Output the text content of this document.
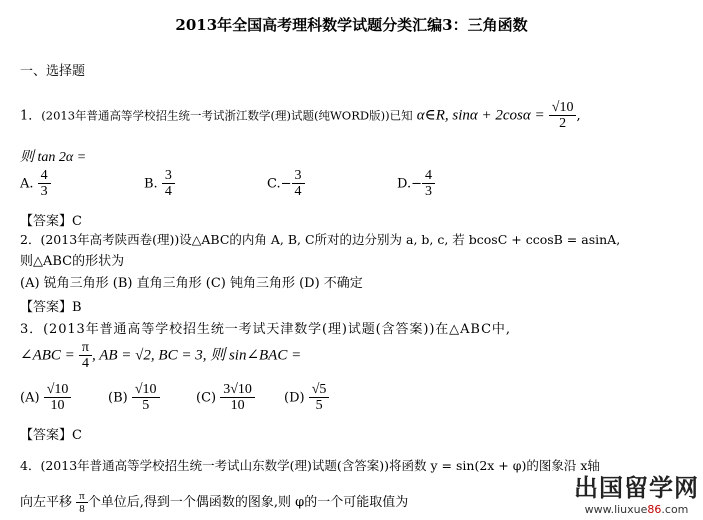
2013年全国高考理科数学试题分类汇编3：三角函数
一、选择题
1．(2013年普通高等学校招生统一考试浙江数学(理)试题(纯WORD版))已知 α∈R, $\sin\alpha + 2\cos\alpha = \frac{√10}{2}$ ,
则 tan 2α =
A. $\frac{4}{3}$	B. $\frac{3}{4}$	$C.- \frac{3}{4}$	$D.- \frac{4}{3}$
【答案】C
2．(2013年高考陕西卷(理))设△ABC的内角 A, B, C所对的边分别为 a, b, c, 若 bcosC + ccosB = asinA,
则△ABC的形状为
(A) 锐角三角形 (B) 直角三角形 (C) 钝角三角形 (D) 不确定
【答案】B
3．(2013年普通高等学校招生统一考试天津数学(理)试题(含答案))在△ABC中,
∠ABC = $\frac{\pi}{4}$ , AB = √2, BC = 3, 则 sin∠BAC =
$(A) \frac{√10}{10}$	$(B) \frac{√10}{5}$	$(C) \frac{3√10}{10} (D) \frac{√5}{5}$
【答案】C
4．(2013年普通高等学校招生统一考试山东数学(理)试题(含答案))将函数 y = sin(2x + φ)的图象沿 x轴
向左平移 $\frac{\pi}{8}$ 个单位后,得到一个偶函数的图象,则 φ的一个可能取值为
出国留学网
www.liuxue86.com
